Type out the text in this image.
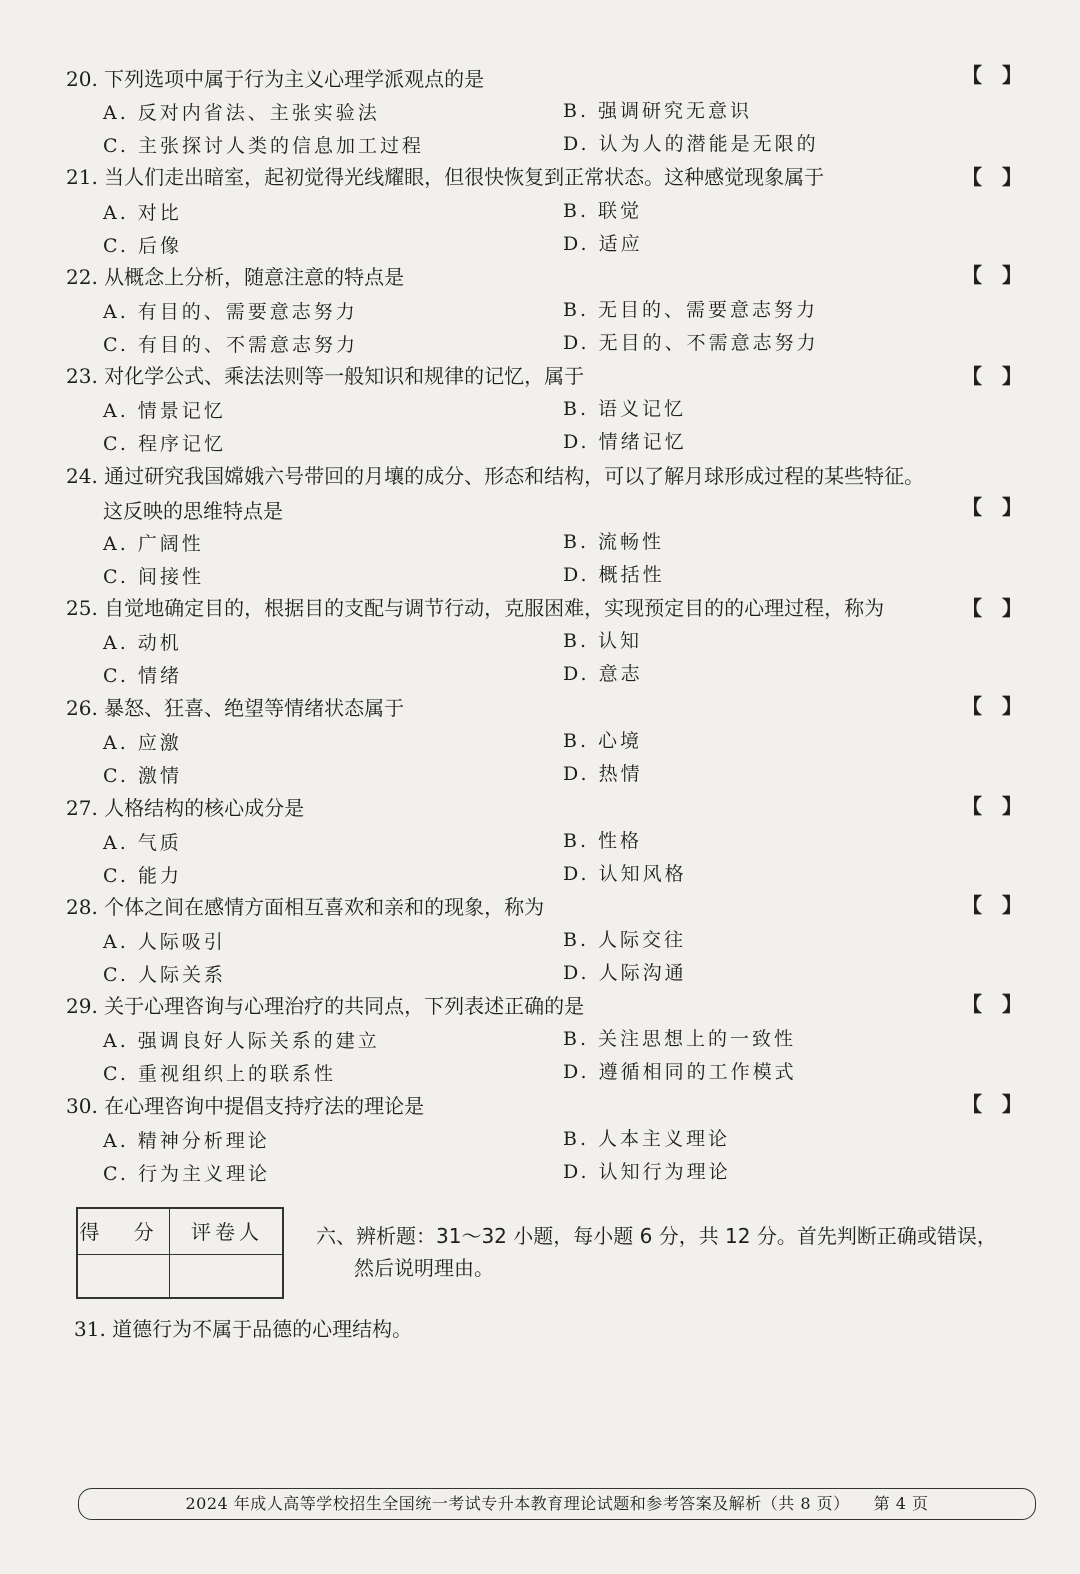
20. 下列选项中属于行为主义心理学派观点的是	【　】
A. 反对内省法、主张实验法	B. 强调研究无意识
C. 主张探讨人类的信息加工过程	D. 认为人的潜能是无限的
21. 当人们走出暗室，起初觉得光线耀眼，但很快恢复到正常状态。这种感觉现象属于	【　】
A. 对比	B. 联觉
C. 后像	D. 适应
22. 从概念上分析，随意注意的特点是	【　】
A. 有目的、需要意志努力	B. 无目的、需要意志努力
C. 有目的、不需意志努力	D. 无目的、不需意志努力
23. 对化学公式、乘法法则等一般知识和规律的记忆，属于	【　】
A. 情景记忆	B. 语义记忆
C. 程序记忆	D. 情绪记忆
24. 通过研究我国嫦娥六号带回的月壤的成分、形态和结构，可以了解月球形成过程的某些特征。
这反映的思维特点是	【　】
A. 广阔性	B. 流畅性
C. 间接性	D. 概括性
25. 自觉地确定目的，根据目的支配与调节行动，克服困难，实现预定目的的心理过程，称为	【　】
A. 动机	B. 认知
C. 情绪	D. 意志
26. 暴怒、狂喜、绝望等情绪状态属于	【　】
A. 应激	B. 心境
C. 激情	D. 热情
27. 人格结构的核心成分是	【　】
A. 气质	B. 性格
C. 能力	D. 认知风格
28. 个体之间在感情方面相互喜欢和亲和的现象，称为	【　】
A. 人际吸引	B. 人际交往
C. 人际关系	D. 人际沟通
29. 关于心理咨询与心理治疗的共同点，下列表述正确的是	【　】
A. 强调良好人际关系的建立	B. 关注思想上的一致性
C. 重视组织上的联系性	D. 遵循相同的工作模式
30. 在心理咨询中提倡支持疗法的理论是	【　】
A. 精神分析理论	B. 人本主义理论
C. 行为主义理论	D. 认知行为理论
得 分	评卷人	六、辨析题：31～32 小题，每小题 6 分，共 12 分。首先判断正确或错误，
然后说明理由。
31. 道德行为不属于品德的心理结构。
2024 年成人高等学校招生全国统一考试专升本教育理论试题和参考答案及解析（共 8 页） 第 4 页
